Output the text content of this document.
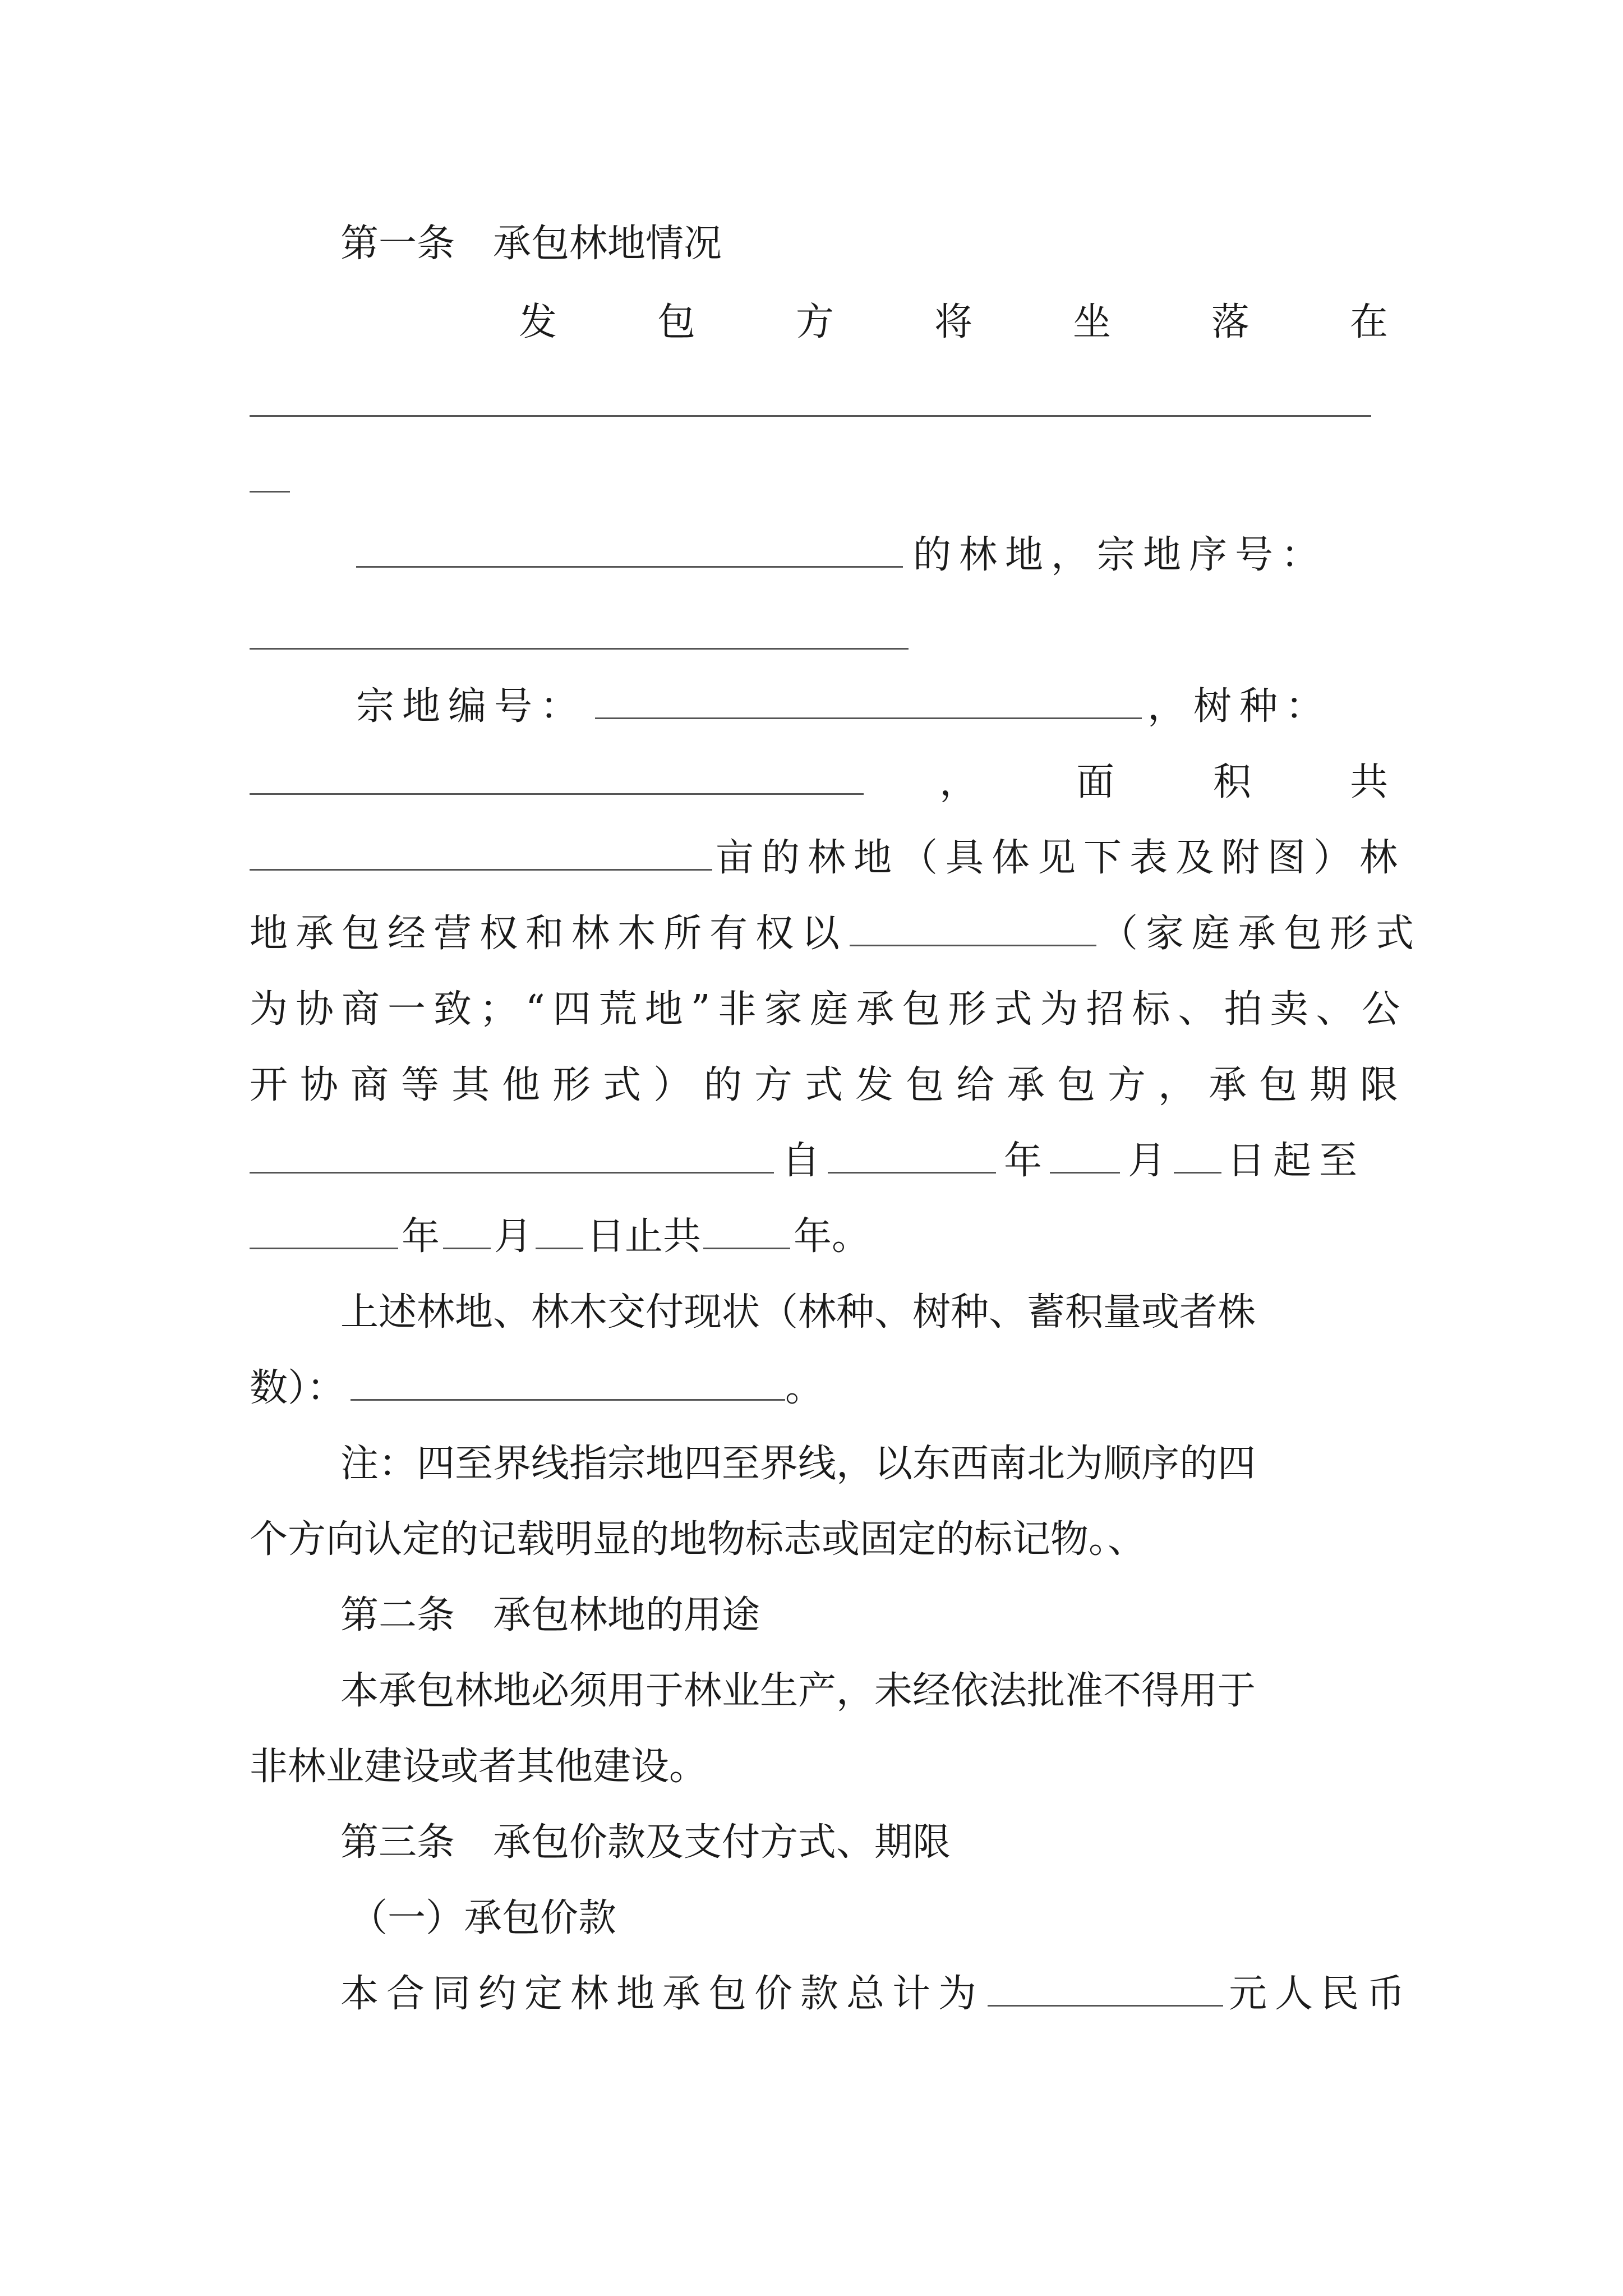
第一条　承包林地情况
发	包	方	将	坐	落	在
的林地，宗地序号：
宗地编号：	，树种：
，	面	积	共
亩的林地（具体见下表及附图）林
地承包经营权和林木所有权以	（家庭承包形式
为协商一致；“四荒地”非家庭承包形式为招标、拍卖、公
开协商等其他形式）的方式发包给承包方，承包期限
自	年 月 日起至
年 月 日止共 年。
上述林地、林木交付现状（林种、树种、蓄积量或者株
数）：	。
注：四至界线指宗地四至界线，以东西南北为顺序的四
个方向认定的记载明显的地物标志或固定的标记物。、
第二条　承包林地的用途
本承包林地必须用于林业生产，未经依法批准不得用于
非林业建设或者其他建设。
第三条　承包价款及支付方式、期限
（一）承包价款
本合同约定林地承包价款总计为	元人民币
